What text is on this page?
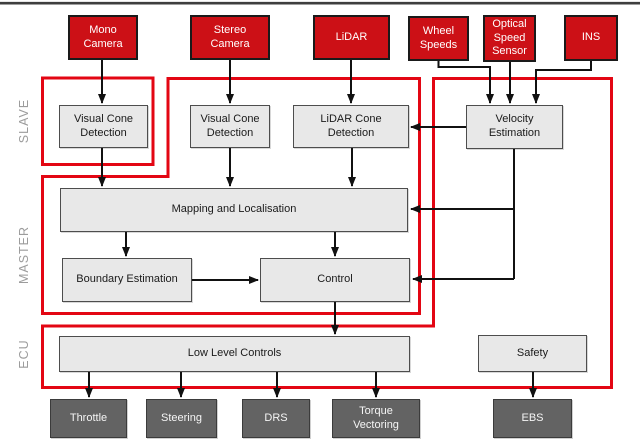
SLAVE
MASTER
ECU
Mono Camera
Stereo Camera
LiDAR	Wheel Speeds
Optical Speed Sensor
INS
Visual Cone Detection
Visual Cone Detection
LiDAR Cone Detection
Velocity Estimation
Mapping and Localisation
Boundary Estimation	Control
Low Level Controls	Safety
Throttle	Steering	DRS
Torque Vectoring
EBS
